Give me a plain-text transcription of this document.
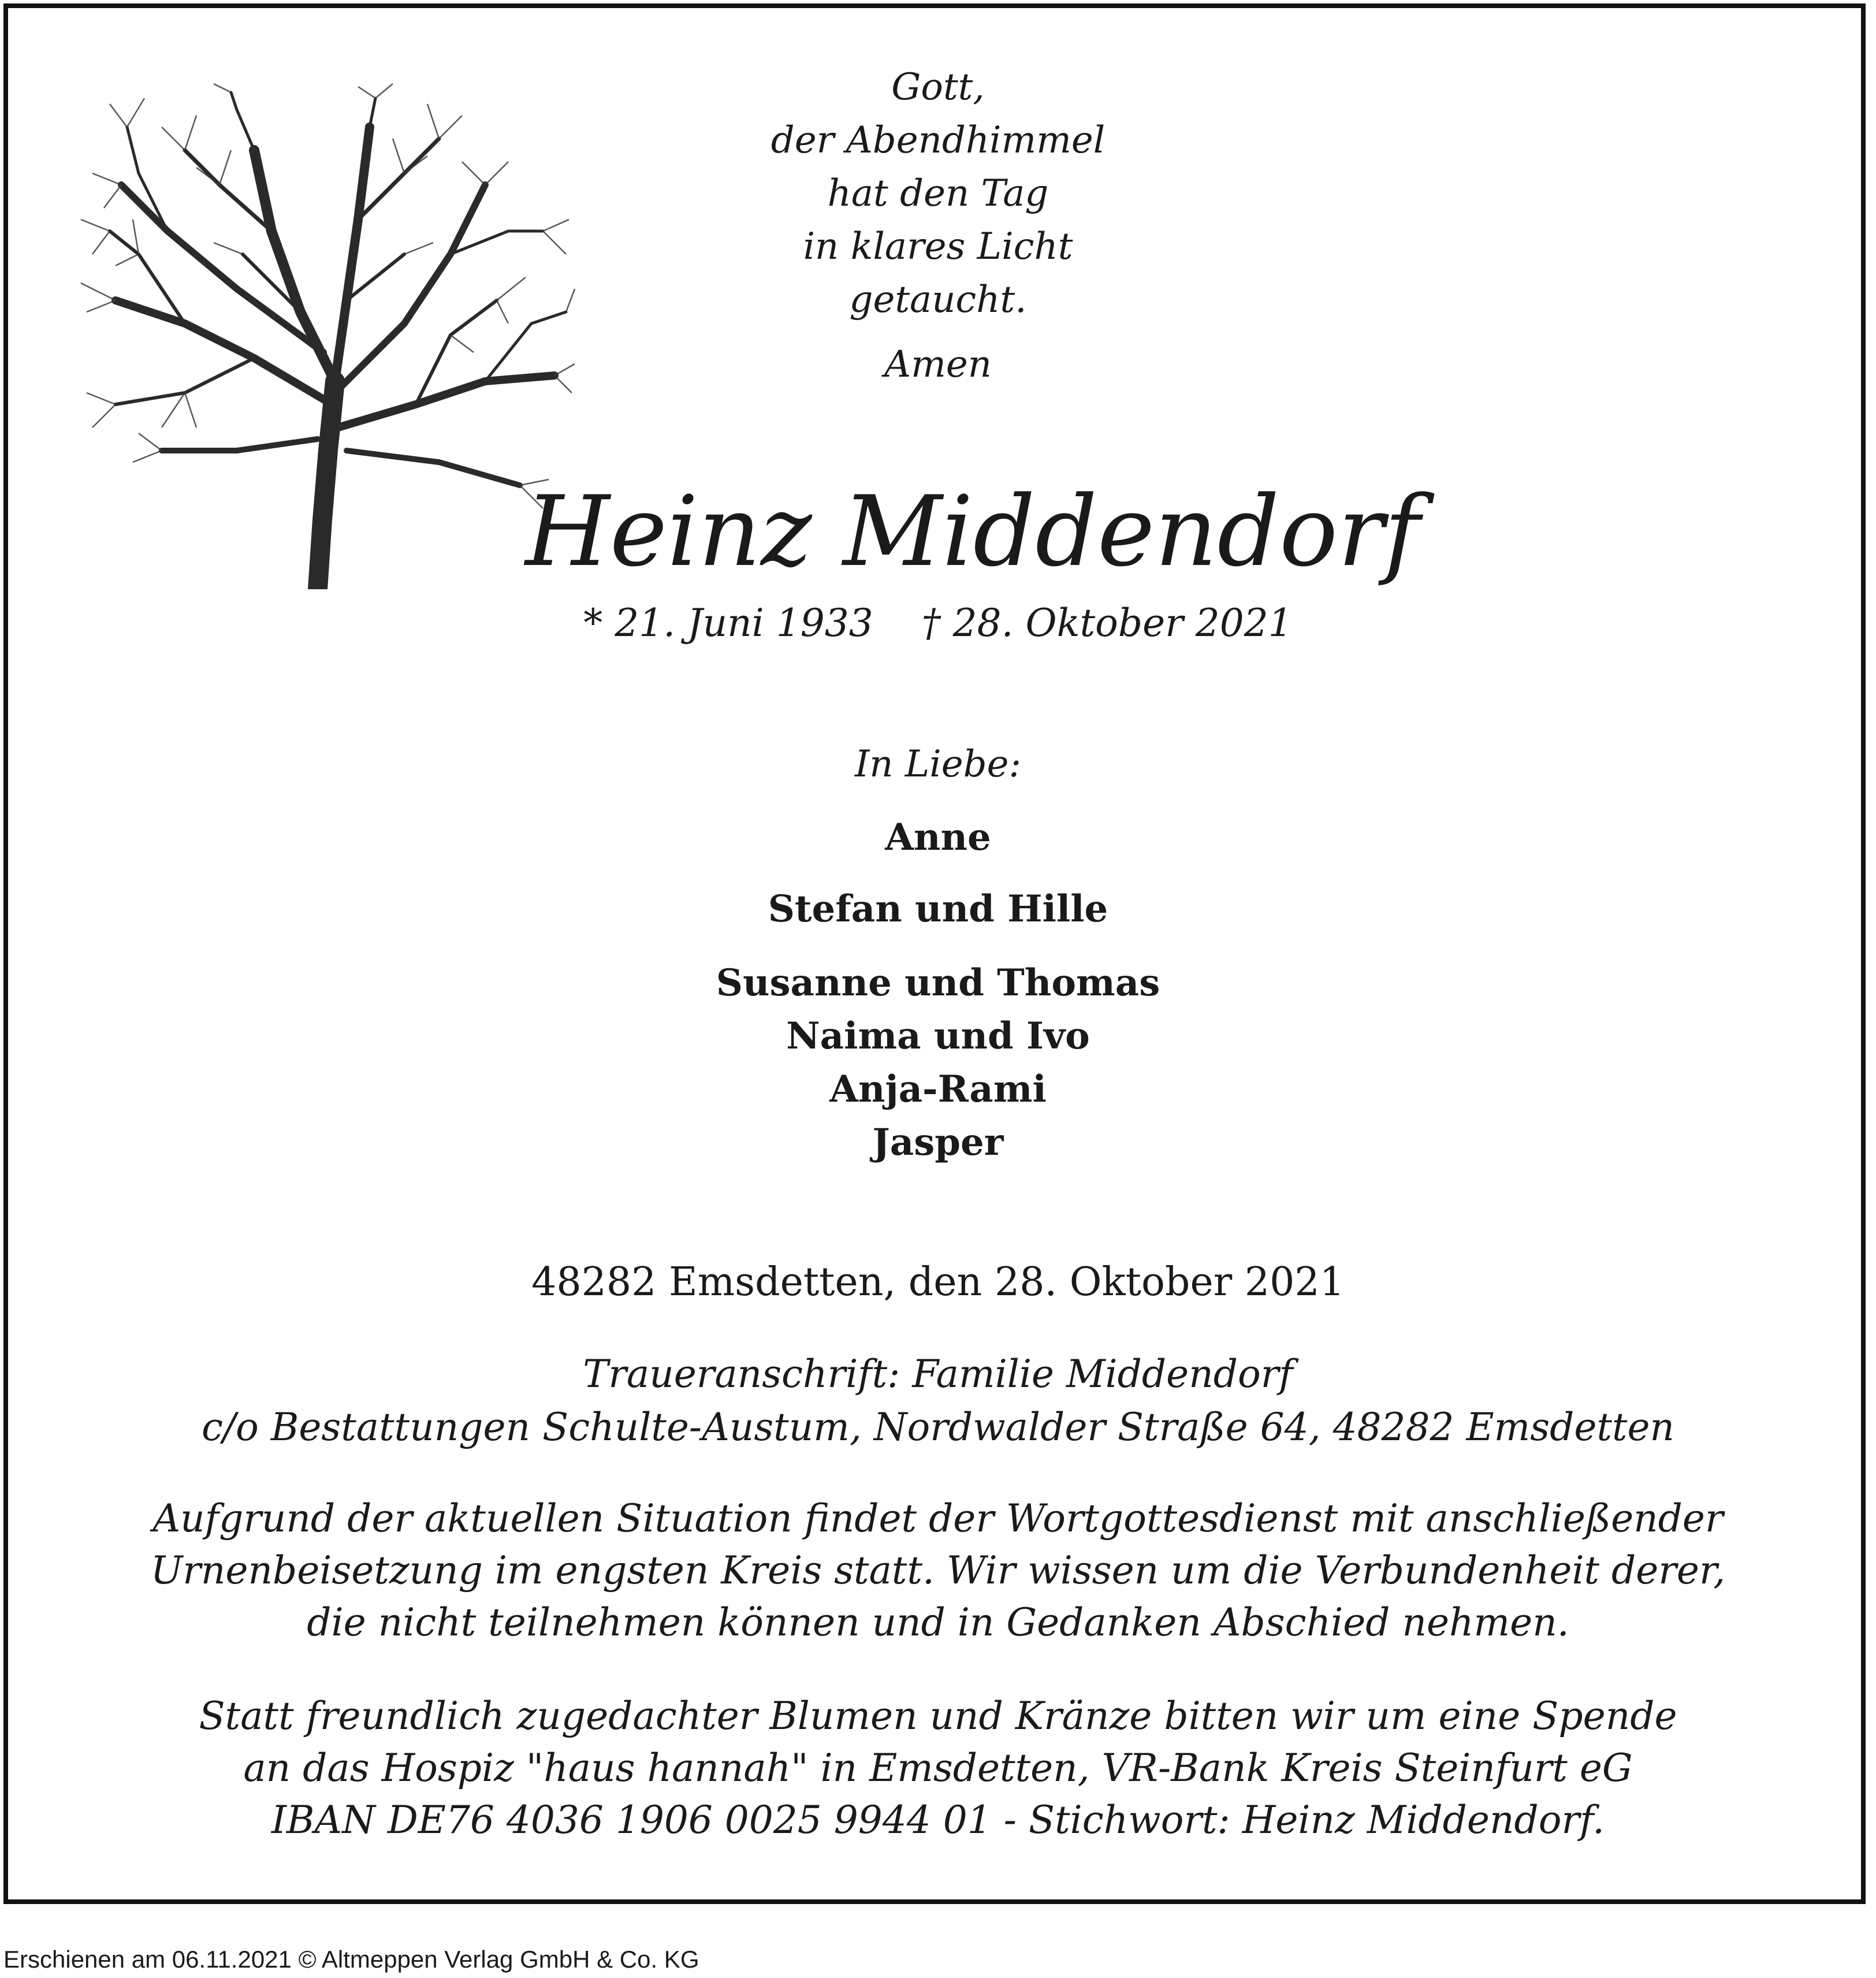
Gott,
der Abendhimmel
hat den Tag
in klares Licht
getaucht.
Amen
Heinz Middendorf
* 21. Juni 1933    † 28. Oktober 2021
In Liebe:
Anne
Stefan und Hille
Susanne und Thomas
Naima und Ivo
Anja-Rami
Jasper
48282 Emsdetten, den 28. Oktober 2021
Traueranschrift: Familie Middendorf
c/o Bestattungen Schulte-Austum, Nordwalder Straße 64, 48282 Emsdetten
Aufgrund der aktuellen Situation findet der Wortgottesdienst mit anschließender
Urnenbeisetzung im engsten Kreis statt. Wir wissen um die Verbundenheit derer,
die nicht teilnehmen können und in Gedanken Abschied nehmen.
Statt freundlich zugedachter Blumen und Kränze bitten wir um eine Spende
an das Hospiz "haus hannah" in Emsdetten, VR-Bank Kreis Steinfurt eG
IBAN DE76 4036 1906 0025 9944 01 - Stichwort: Heinz Middendorf.
Erschienen am 06.11.2021 © Altmeppen Verlag GmbH & Co. KG
